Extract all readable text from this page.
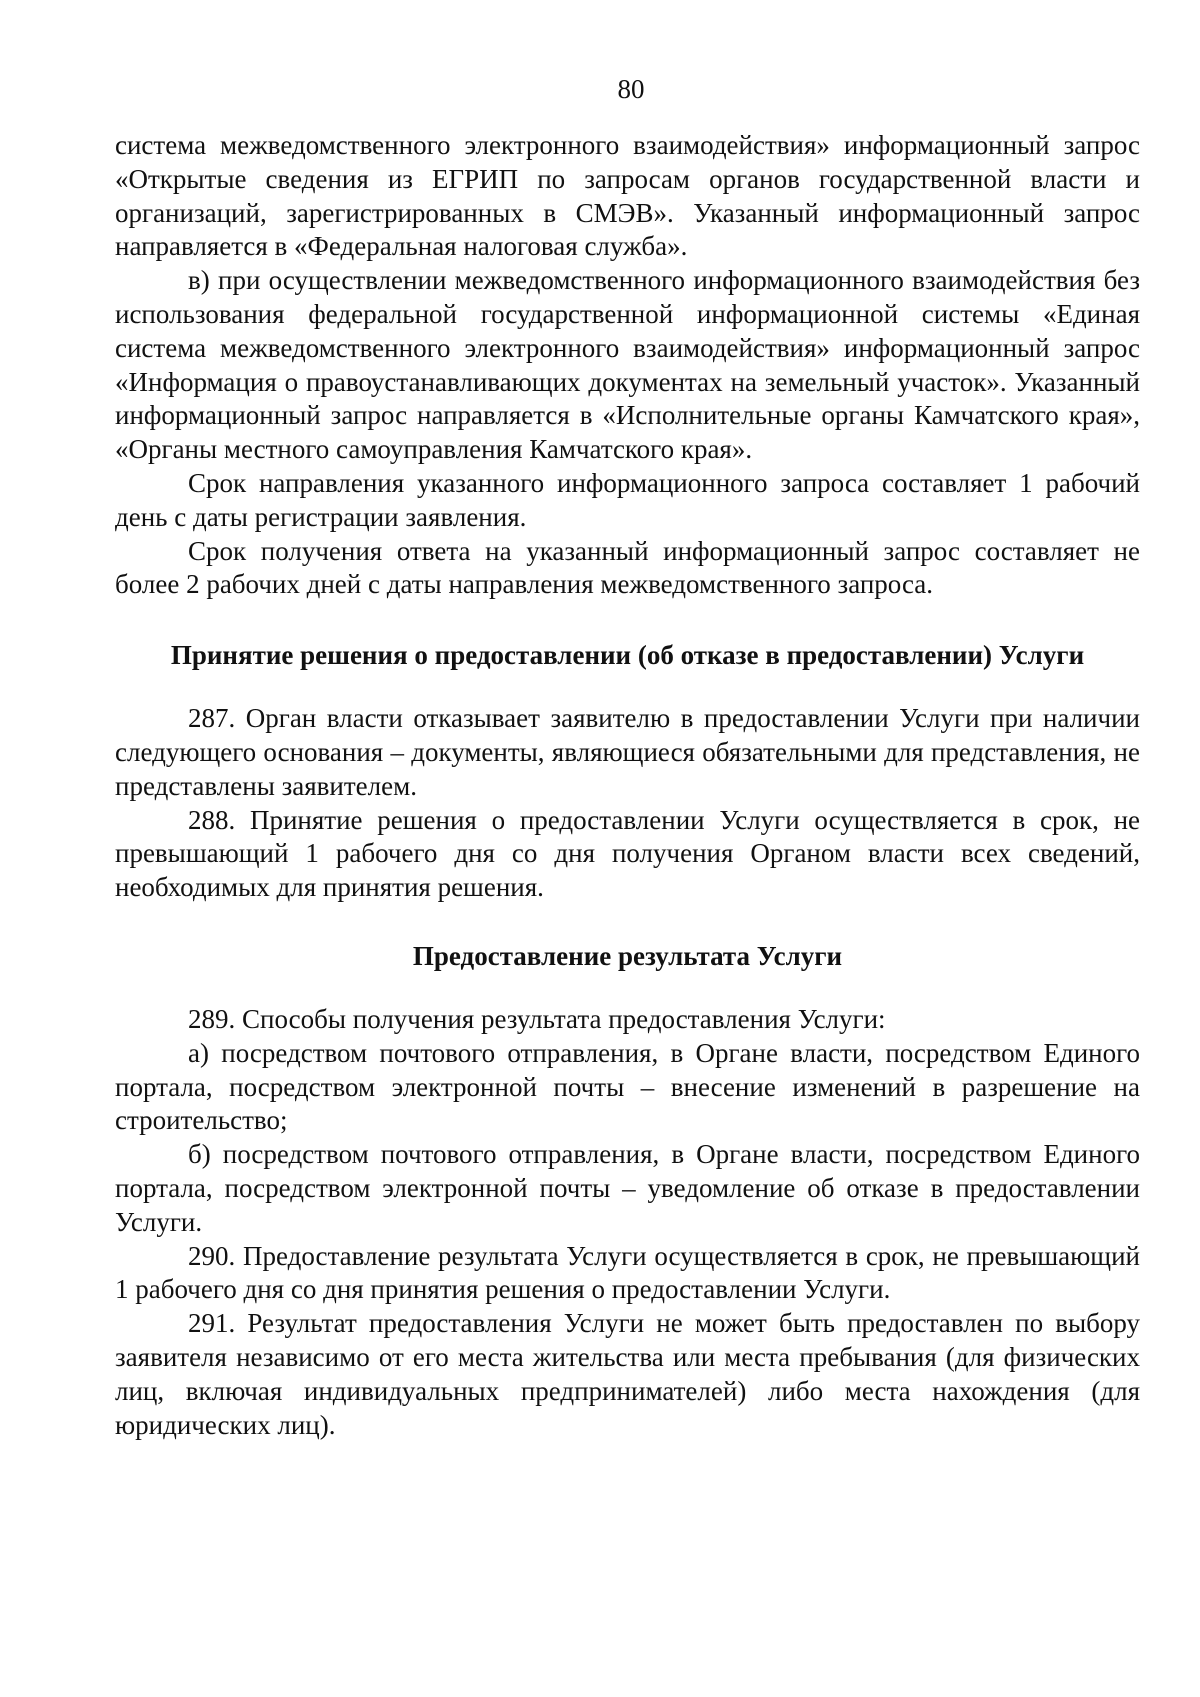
80

система межведомственного электронного взаимодействия» информационный запрос «Открытые сведения из ЕГРИП по запросам органов государственной власти и организаций, зарегистрированных в СМЭВ». Указанный информационный запрос направляется в «Федеральная налоговая служба».

в) при осуществлении межведомственного информационного взаимодействия без использования федеральной государственной информационной системы «Единая система межведомственного электронного взаимодействия» информационный запрос «Информация о правоустанавливающих документах на земельный участок». Указанный информационный запрос направляется в «Исполнительные органы Камчатского края», «Органы местного самоуправления Камчатского края».

Срок направления указанного информационного запроса составляет 1 рабочий день с даты регистрации заявления.

Срок получения ответа на указанный информационный запрос составляет не более 2 рабочих дней с даты направления межведомственного запроса.

Принятие решения о предоставлении (об отказе в предоставлении) Услуги

287. Орган власти отказывает заявителю в предоставлении Услуги при наличии следующего основания – документы, являющиеся обязательными для представления, не представлены заявителем.

288. Принятие решения о предоставлении Услуги осуществляется в срок, не превышающий 1 рабочего дня со дня получения Органом власти всех сведений, необходимых для принятия решения.

Предоставление результата Услуги

289. Способы получения результата предоставления Услуги:

а) посредством почтового отправления, в Органе власти, посредством Единого портала, посредством электронной почты – внесение изменений в разрешение на строительство;

б) посредством почтового отправления, в Органе власти, посредством Единого портала, посредством электронной почты – уведомление об отказе в предоставлении Услуги.

290. Предоставление результата Услуги осуществляется в срок, не превышающий 1 рабочего дня со дня принятия решения о предоставлении Услуги.

291. Результат предоставления Услуги не может быть предоставлен по выбору заявителя независимо от его места жительства или места пребывания (для физических лиц, включая индивидуальных предпринимателей) либо места нахождения (для юридических лиц).
